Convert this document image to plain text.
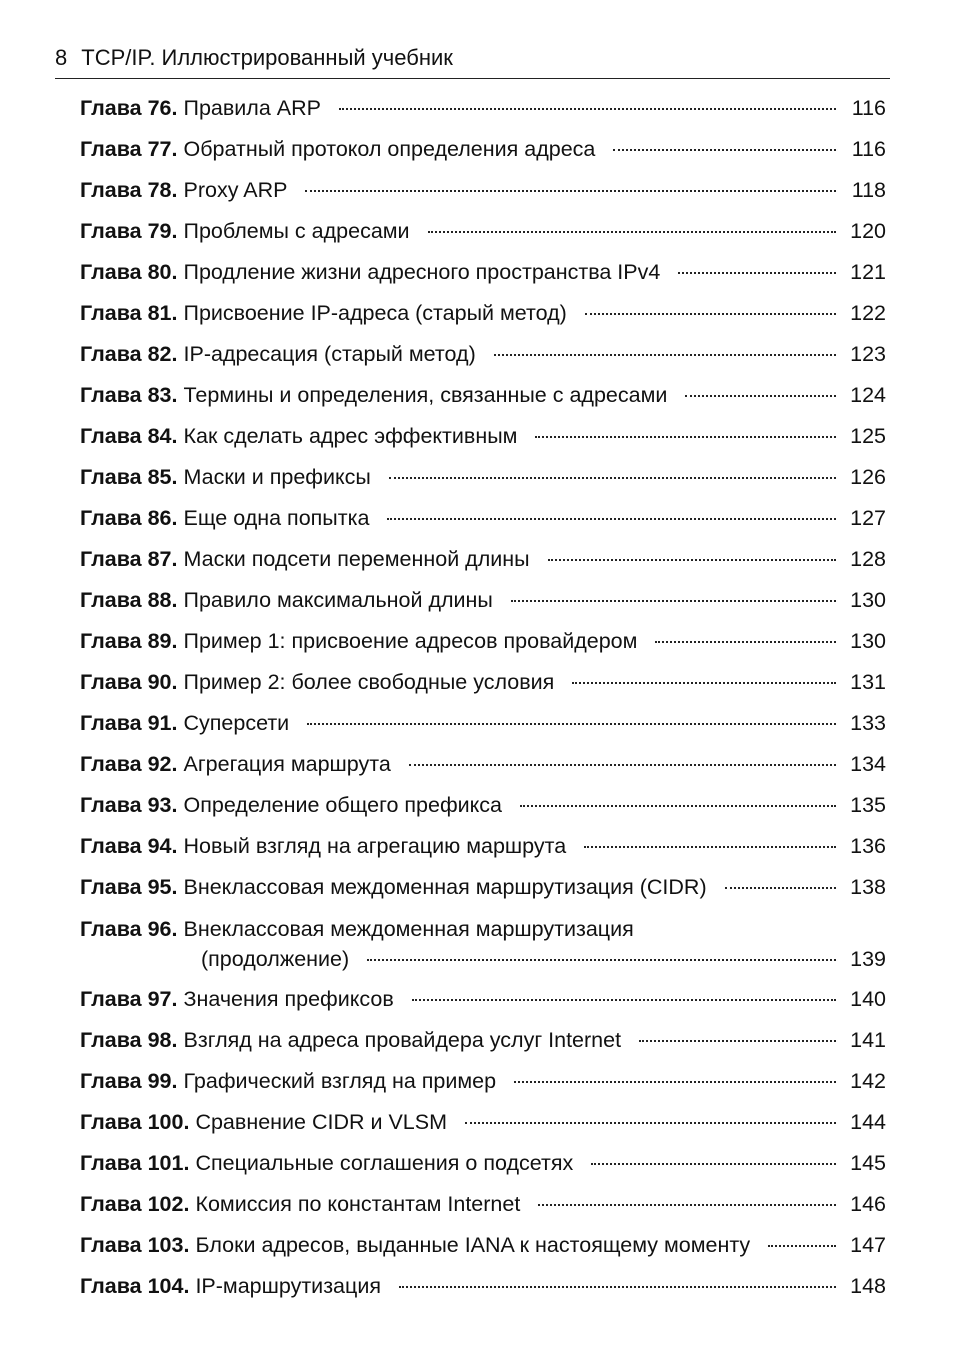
8 TCP/IP. Иллюстрированный учебник
Глава 76. Правила ARP	116
Глава 77. Обратный протокол определения адреса	116
Глава 78. Proxy ARP	118
Глава 79. Проблемы с адресами	120
Глава 80. Продление жизни адресного пространства IPv4	121
Глава 81. Присвоение IP-адреса (старый метод)	122
Глава 82. IP-адресация (старый метод)	123
Глава 83. Термины и определения, связанные с адресами	124
Глава 84. Как сделать адрес эффективным	125
Глава 85. Маски и префиксы	126
Глава 86. Еще одна попытка	127
Глава 87. Маски подсети переменной длины	128
Глава 88. Правило максимальной длины	130
Глава 89. Пример 1: присвоение адресов провайдером	130
Глава 90. Пример 2: более свободные условия	131
Глава 91. Суперсети	133
Глава 92. Агрегация маршрута	134
Глава 93. Определение общего префикса	135
Глава 94. Новый взгляд на агрегацию маршрута	136
Глава 95. Внеклассовая междоменная маршрутизация (CIDR)	138
Глава 96. Внеклассовая междоменная маршрутизация
(продолжение)	139
Глава 97. Значения префиксов	140
Глава 98. Взгляд на адреса провайдера услуг Internet	141
Глава 99. Графический взгляд на пример	142
Глава 100. Сравнение CIDR и VLSM	144
Глава 101. Специальные соглашения о подсетях	145
Глава 102. Комиссия по константам Internet	146
Глава 103. Блоки адресов, выданные IANA к настоящему моменту	147
Глава 104. IP-маршрутизация	148
